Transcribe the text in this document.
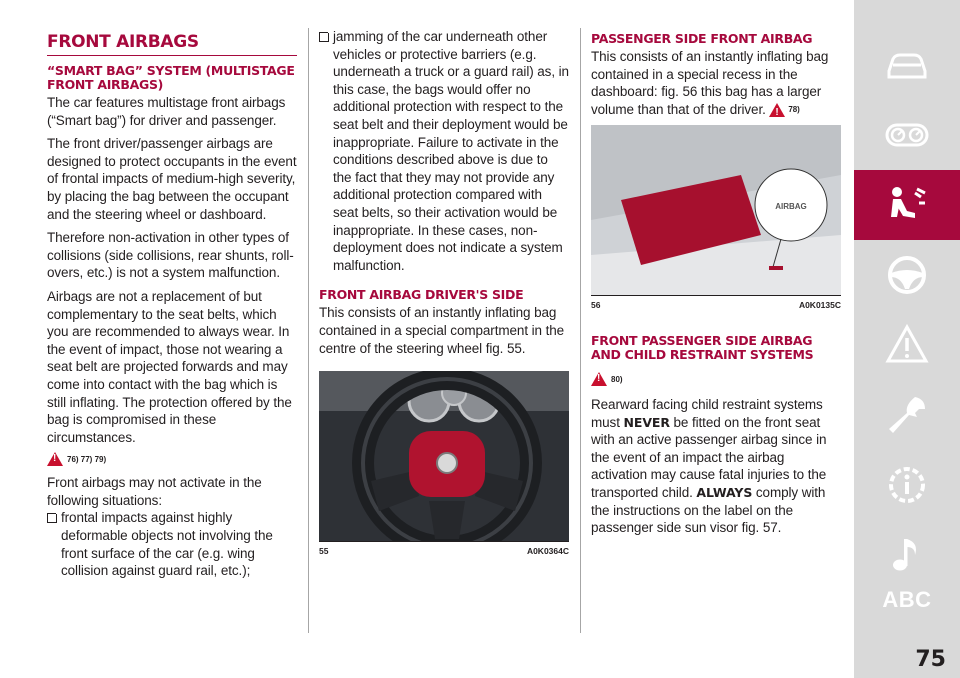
FRONT AIRBAGS
“SMART BAG” SYSTEM (MULTISTAGE FRONT AIRBAGS)

The car features multistage front airbags (“Smart bag”) for driver and passenger.

The front driver/passenger airbags are designed to protect occupants in the event of frontal impacts of medium-high severity, by placing the bag between the occupant and the steering wheel or dashboard.

Therefore non-activation in other types of collisions (side collisions, rear shunts, roll-overs, etc.) is not a system malfunction.

Airbags are not a replacement of but complementary to the seat belts, which you are recommended to always wear. In the event of impact, those not wearing a seat belt are projected forwards and may come into contact with the bag which is still inflating. The protection offered by the bag is compromised in these circumstances.

!
76) 77) 79)

Front airbags may not activate in the following situations:

frontal impacts against highly deformable objects not involving the front surface of the car (e.g. wing collision against guard rail, etc.);

jamming of the car underneath other vehicles or protective barriers (e.g. underneath a truck or a guard rail) as, in this case, the bags would offer no additional protection with respect to the seat belt and their deployment would be inappropriate. Failure to activate in the conditions described above is due to the fact that they may not provide any additional protection compared with seat belts, so their activation would be inappropriate. In these cases, non-deployment does not indicate a system malfunction.

FRONT AIRBAG DRIVER'S SIDE

This consists of an instantly inflating bag contained in a special compartment in the centre of the steering wheel fig. 55.

55	A0K0364C
PASSENGER SIDE FRONT AIRBAG

This consists of an instantly inflating bag contained in a special recess in the dashboard: fig. 56 this bag has a larger volume than that of the driver.
!	78)

AIRBAG
56	A0K0135C
FRONT PASSENGER SIDE AIRBAG AND CHILD RESTRAINT SYSTEMS
!
80)

Rearward facing child restraint systems must NEVER be fitted on the front seat with an active passenger airbag since in the event of an impact the airbag activation may cause fatal injuries to the transported child. ALWAYS comply with the instructions on the label on the passenger side sun visor fig. 57.

ABC
75
